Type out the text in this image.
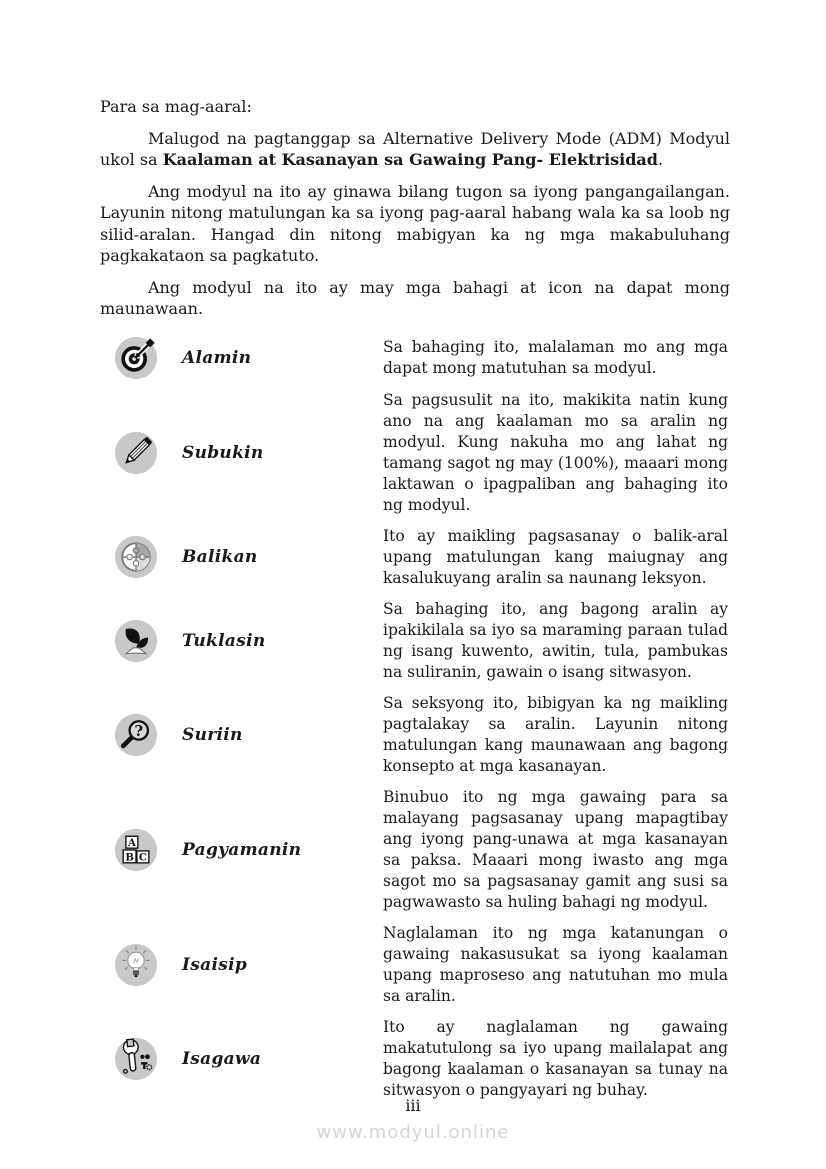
Para sa mag-aaral:

Malugod na pagtanggap sa Alternative Delivery Mode (ADM) Modyul ukol sa Kaalaman at Kasanayan sa Gawaing Pang- Elektrisidad.

Ang modyul na ito ay ginawa bilang tugon sa iyong pangangailangan. Layunin nitong matulungan ka sa iyong pag-aaral habang wala ka sa loob ng silid-aralan. Hangad din nitong mabigyan ka ng mga makabuluhang pagkakataon sa pagkatuto.

Ang modyul na ito ay may mga bahagi at icon na dapat mong maunawaan.

Alamin
Sa bahaging ito, malalaman mo ang mga dapat mong matutuhan sa modyul.
Subukin
Sa pagsusulit na ito, makikita natin kung ano na ang kaalaman mo sa aralin ng modyul. Kung nakuha mo ang lahat ng tamang sagot ng may (100%), maaari mong laktawan o ipagpaliban ang bahaging ito ng modyul.
Balikan
Ito ay maikling pagsasanay o balik-aral upang matulungan kang maiugnay ang kasalukuyang aralin sa naunang leksyon.
Tuklasin
Sa bahaging ito, ang bagong aralin ay ipakikilala sa iyo sa maraming paraan tulad ng isang kuwento, awitin, tula, pambukas na suliranin, gawain o isang sitwasyon.
? Suriin
Sa seksyong ito, bibigyan ka ng maikling pagtalakay sa aralin. Layunin nitong matulungan kang maunawaan ang bagong konsepto at mga kasanayan.
A
B C Pagyamanin
Binubuo ito ng mga gawaing para sa malayang pagsasanay upang mapagtibay ang iyong pang-unawa at mga kasanayan sa paksa. Maaari mong iwasto ang mga sagot mo sa pagsasanay gamit ang susi sa pagwawasto sa huling bahagi ng modyul.
Isaisip
Naglalaman ito ng mga katanungan o gawaing nakasusukat sa iyong kaalaman upang maproseso ang natutuhan mo mula sa aralin.
Isagawa
Ito ay naglalaman ng gawaing makatutulong sa iyo upang mailalapat ang bagong kaalaman o kasanayan sa tunay na sitwasyon o pangyayari ng buhay.
iii
www.modyul.online
